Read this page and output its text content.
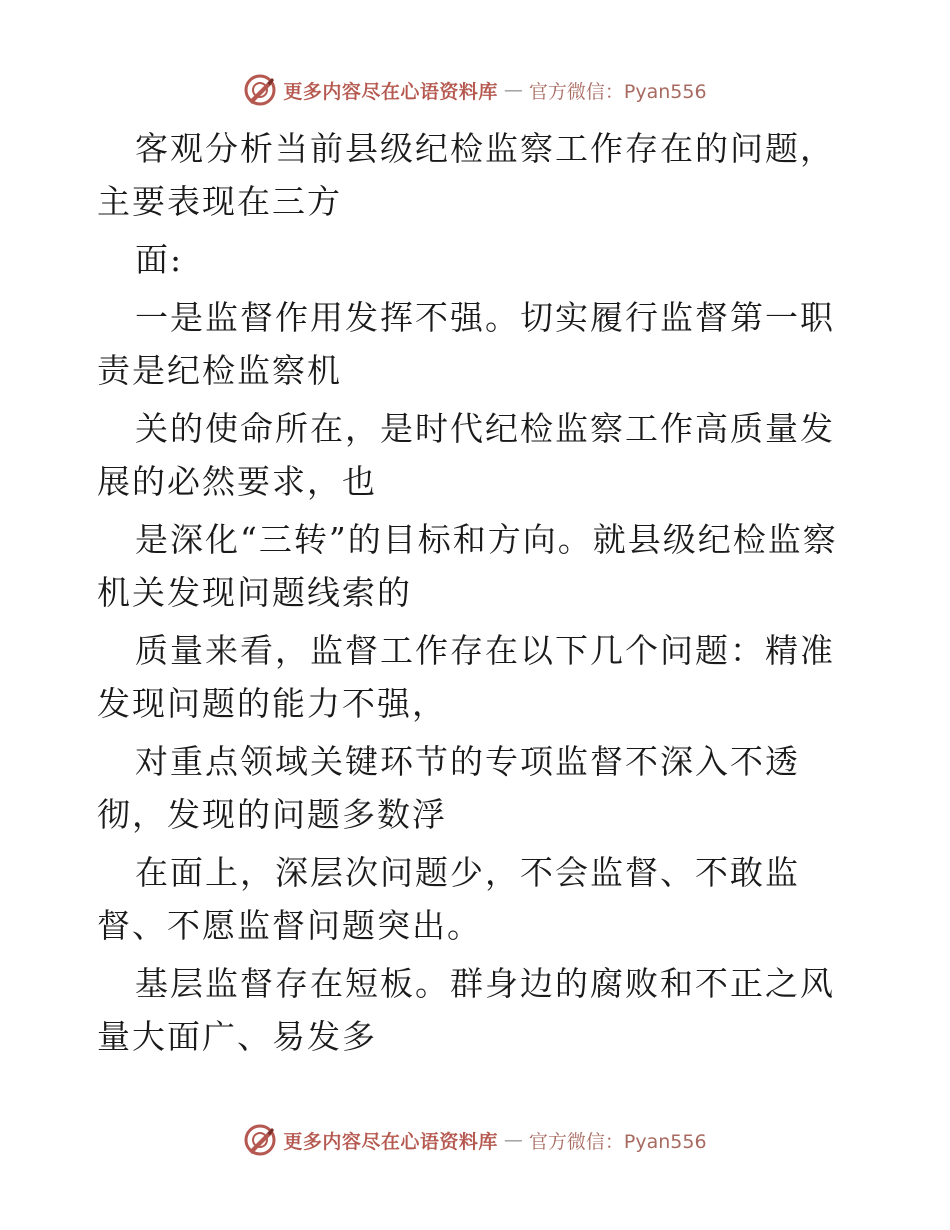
更多内容尽在心语资料库 — 官方微信：Pyan556

客观分析当前县级纪检监察工作存在的问题，主要表现在三方

面:

一是监督作用发挥不强。切实履行监督第一职责是纪检监察机

关的使命所在，是时代纪检监察工作高质量发展的必然要求，也

是深化“三转”的目标和方向。就县级纪检监察机关发现问题线索的

质量来看，监督工作存在以下几个问题：精准发现问题的能力不强，

对重点领域关键环节的专项监督不深入不透彻，发现的问题多数浮

在面上，深层次问题少，不会监督、不敢监督、不愿监督问题突出。

基层监督存在短板。群身边的腐败和不正之风量大面广、易发多

更多内容尽在心语资料库 — 官方微信：Pyan556
